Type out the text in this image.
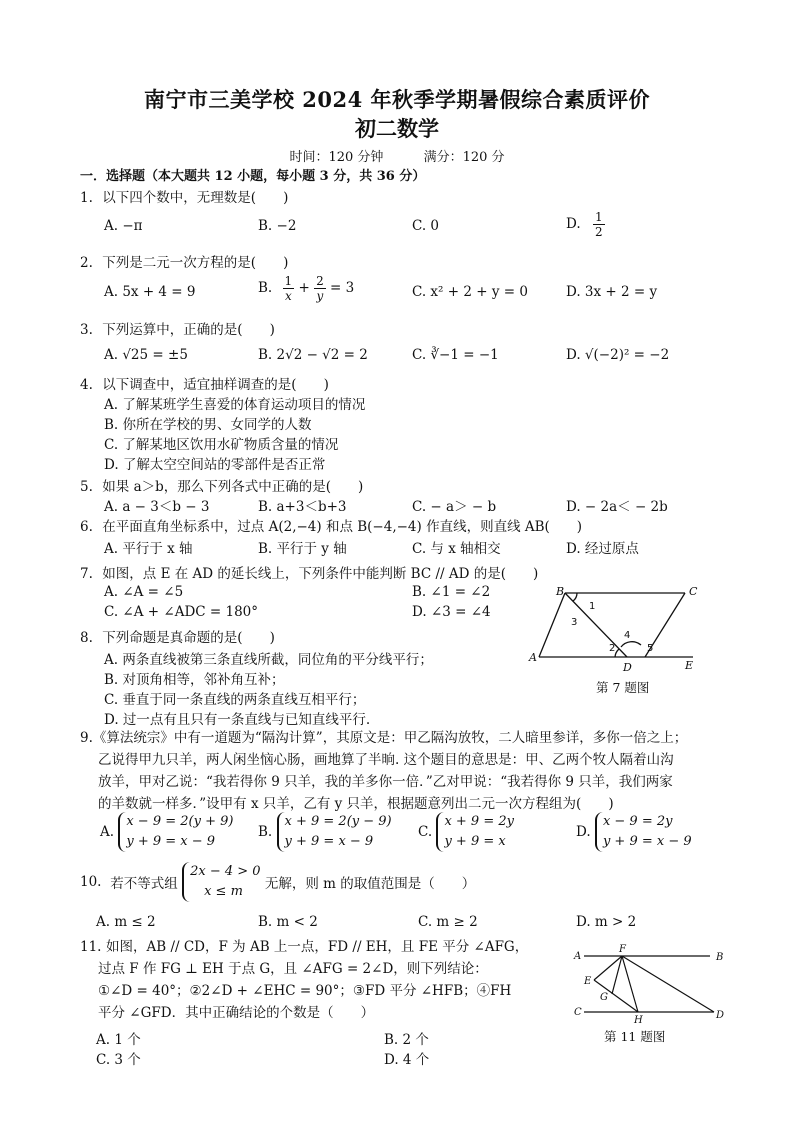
南宁市三美学校 2024 年秋季学期暑假综合素质评价
初二数学
时间：120 分钟	满分：120 分
一．选择题（本大题共 12 小题，每小题 3 分，共 36 分）
1. 以下四个数中，无理数是(　　)
A. −π	B. −2	C. 0	D. $\frac{1}{2}$
2. 下列是二元一次方程的是(　　)
A. 5x + 4 = 9	B. $\frac{1}{x} + \frac{2}{y} = 3$	C. x² + 2 + y = 0	D. 3x + 2 = y
3. 下列运算中，正确的是(　　)
A. √25 = ±5	B. 2√2 − √2 = 2	C. ∛−1 = −1	D. √(−2)² = −2
4. 以下调查中，适宜抽样调查的是(　　)
A. 了解某班学生喜爱的体育运动项目的情况
B. 你所在学校的男、女同学的人数
C. 了解某地区饮用水矿物质含量的情况
D. 了解太空空间站的零部件是否正常
5. 如果 a＞b，那么下列各式中正确的是(　　)
A. a − 3＜b − 3	B. a+3＜b+3	C. − a＞ − b	D. − 2a＜ − 2b
6. 在平面直角坐标系中，过点 A(2,−4) 和点 B(−4,−4) 作直线，则直线 AB(　　)
A. 平行于 x 轴	B. 平行于 y 轴	C. 与 x 轴相交	D. 经过原点
7. 如图，点 E 在 AD 的延长线上，下列条件中能判断 BC // AD 的是(　　)
A. ∠A = ∠5	B. ∠1 = ∠2
C. ∠A + ∠ADC = 180°	D. ∠3 = ∠4
B	C
A
D	E
1
3
2
4
5
第 7 题图
8. 下列命题是真命题的是(　　)
A. 两条直线被第三条直线所截，同位角的平分线平行；
B. 对顶角相等，邻补角互补；
C. 垂直于同一条直线的两条直线互相平行；
D. 过一点有且只有一条直线与已知直线平行.
9.《算法统宗》中有一道题为“隔沟计算”，其原文是：甲乙隔沟放牧，二人暗里参详，多你一倍之上；
乙说得甲九只羊，两人闲坐恼心肠，画地算了半晌. 这个题目的意思是：甲、乙两个牧人隔着山沟
放羊，甲对乙说：“我若得你 9 只羊，我的羊多你一倍．”乙对甲说：“我若得你 9 只羊，我们两家
的羊数就一样多．”设甲有 x 只羊，乙有 y 只羊，根据题意列出二元一次方程组为(　　)
A.
x − 9 = 2(y + 9)
y + 9 = x − 9
B.
x + 9 = 2(y − 9)
y + 9 = x − 9
C.
x + 9 = 2y
y + 9 = x
D.
x − 9 = 2y
y + 9 = x − 9
10. 若不等式组
2x − 4 > 0
x ≤ m	无解，则 m 的取值范围是（　　）
A. m ≤ 2	B. m < 2	C. m ≥ 2	D. m > 2
11. 如图，AB // CD，F 为 AB 上一点，FD // EH，且 FE 平分 ∠AFG，
过点 F 作 FG ⊥ EH 于点 G，且 ∠AFG = 2∠D，则下列结论：
①∠D = 40°；②2∠D + ∠EHC = 90°；③FD 平分 ∠HFB；④FH
平分 ∠GFD．其中正确结论的个数是（　　）
A. 1 个	B. 2 个
C. 3 个	D. 4 个
A	B
F
E
G
C
H	D
第 11 题图
